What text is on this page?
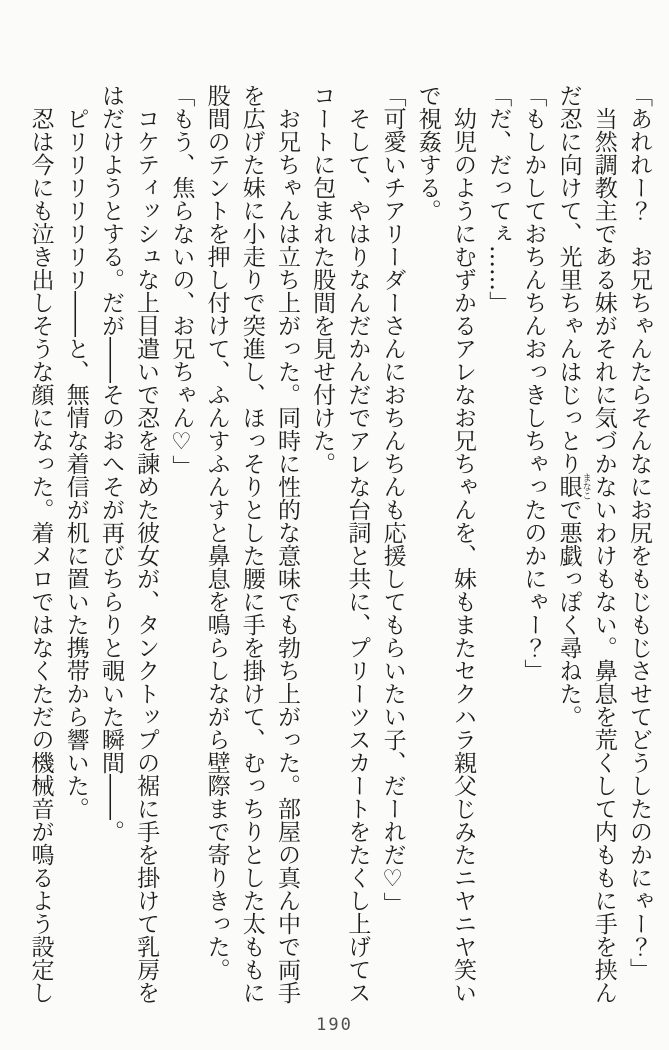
「あれれー？　お兄ちゃんたらそんなにお尻をもじもじさせてどうしたのかにゃー？」

当然調教主である妹がそれに気づかないわけもない。鼻息を荒くして内ももに手を挟んだ忍に向けて、光里ちゃんはじっとり眼 まなこで悪戯っぽく尋ねた。

「もしかしておちんちんおっきしちゃったのかにゃー？」

「だ、だってぇ……」

幼児のようにむずかるアレなお兄ちゃんを、妹もまたセクハラ親父じみたニヤニヤ笑いで視姦する。

「可愛いチアリーダーさんにおちんちんも応援してもらいたい子、だーれだ♡」

そして、やはりなんだかんだでアレな台詞と共に、プリーツスカートをたくし上げてスコートに包まれた股間を見せ付けた。

お兄ちゃんは立ち上がった。同時に性的な意味でも勃ち上がった。部屋の真ん中で両手を広げた妹に小走りで突進し、ほっそりとした腰に手を掛けて、むっちりとした太ももに股間のテントを押し付けて、ふんすふんすと鼻息を鳴らしながら壁際まで寄りきった。

「もう、焦らないの、お兄ちゃん♡」

コケティッシュな上目遣いで忍を諫めた彼女が、タンクトップの裾に手を掛けて乳房をはだけようとする。だが――そのおへそが再びちらりと覗いた瞬間――。

ピリリリリリリリ――と、無情な着信が机に置いた携帯から響いた。

忍は今にも泣き出しそうな顔になった。着メロではなくただの機械音が鳴るよう設定し

190
